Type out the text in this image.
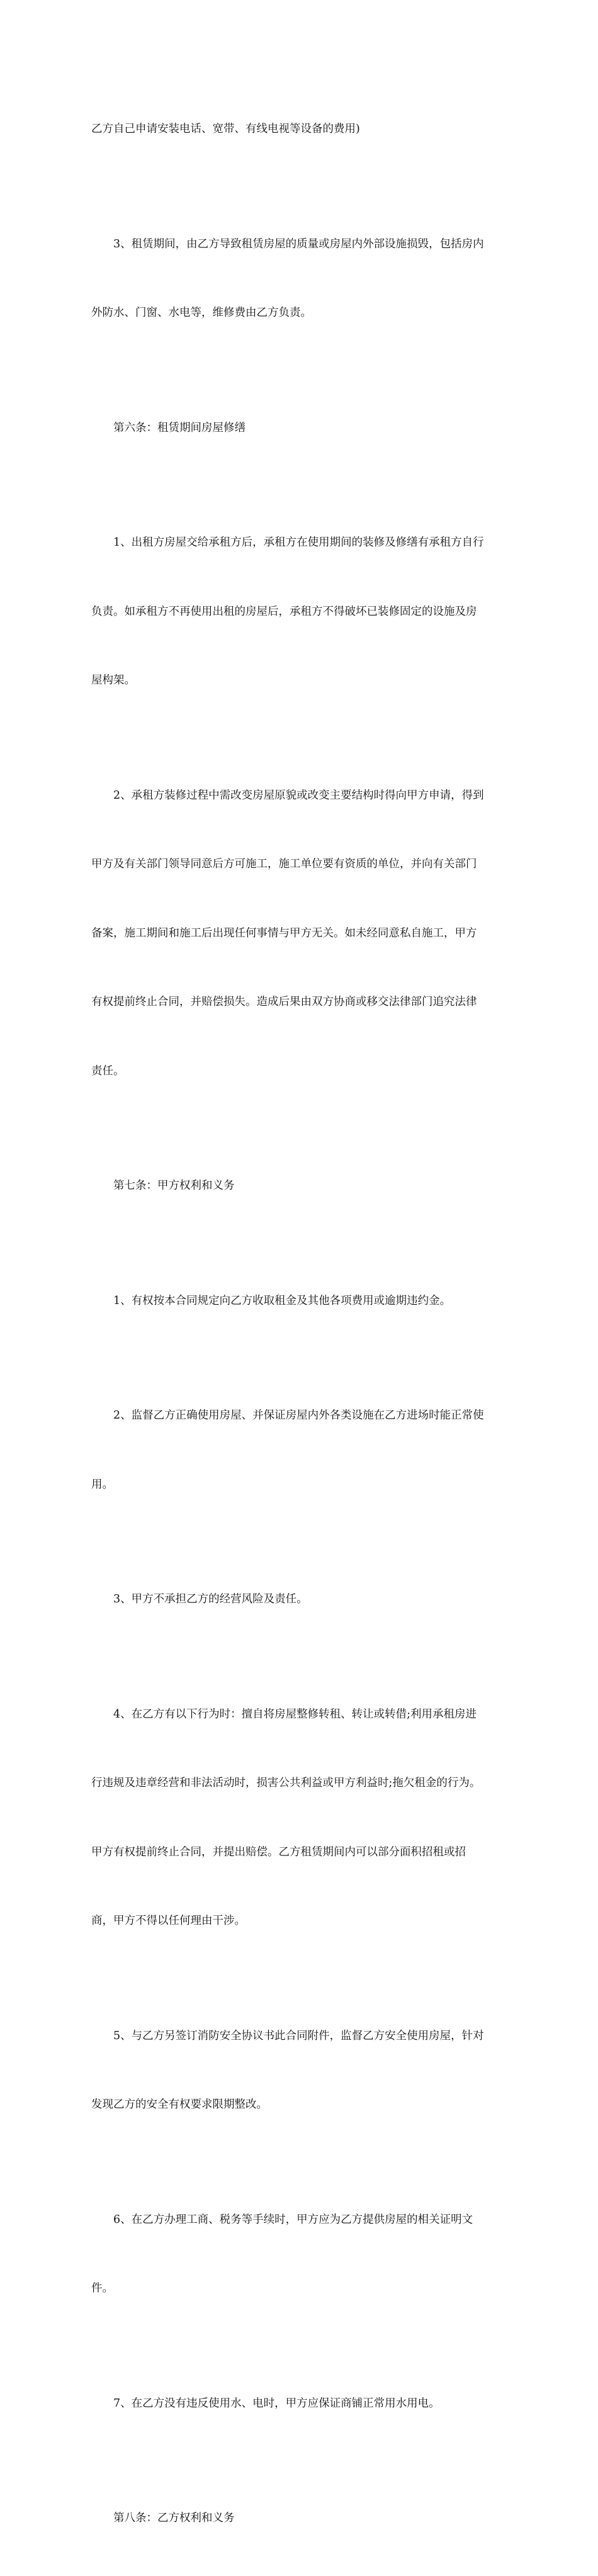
乙方自己申请安装电话、宽带、有线电视等设备的费用)

　　3、租赁期间，由乙方导致租赁房屋的质量或房屋内外部设施损毁，包括房内

外防水、门窗、水电等，维修费由乙方负责。

　　第六条：租赁期间房屋修缮

　　1、出租方房屋交给承租方后，承租方在使用期间的装修及修缮有承租方自行

负责。如承租方不再使用出租的房屋后，承租方不得破坏已装修固定的设施及房

屋构架。

　　2、承租方装修过程中需改变房屋原貌或改变主要结构时得向甲方申请，得到

甲方及有关部门领导同意后方可施工，施工单位要有资质的单位，并向有关部门

备案，施工期间和施工后出现任何事情与甲方无关。如未经同意私自施工，甲方

有权提前终止合同，并赔偿损失。造成后果由双方协商或移交法律部门追究法律

责任。

　　第七条：甲方权利和义务

　　1、有权按本合同规定向乙方收取租金及其他各项费用或逾期违约金。

　　2、监督乙方正确使用房屋、并保证房屋内外各类设施在乙方进场时能正常使

用。

　　3、甲方不承担乙方的经营风险及责任。

　　4、在乙方有以下行为时：擅自将房屋整修转租、转让或转借;利用承租房进

行违规及违章经营和非法活动时，损害公共利益或甲方利益时;拖欠租金的行为。

甲方有权提前终止合同，并提出赔偿。乙方租赁期间内可以部分面积招租或招

商，甲方不得以任何理由干涉。

　　5、与乙方另签订消防安全协议书此合同附件，监督乙方安全使用房屋，针对

发现乙方的安全有权要求限期整改。

　　6、在乙方办理工商、税务等手续时，甲方应为乙方提供房屋的相关证明文

件。

　　7、在乙方没有违反使用水、电时，甲方应保证商铺正常用水用电。

　　第八条：乙方权利和义务
